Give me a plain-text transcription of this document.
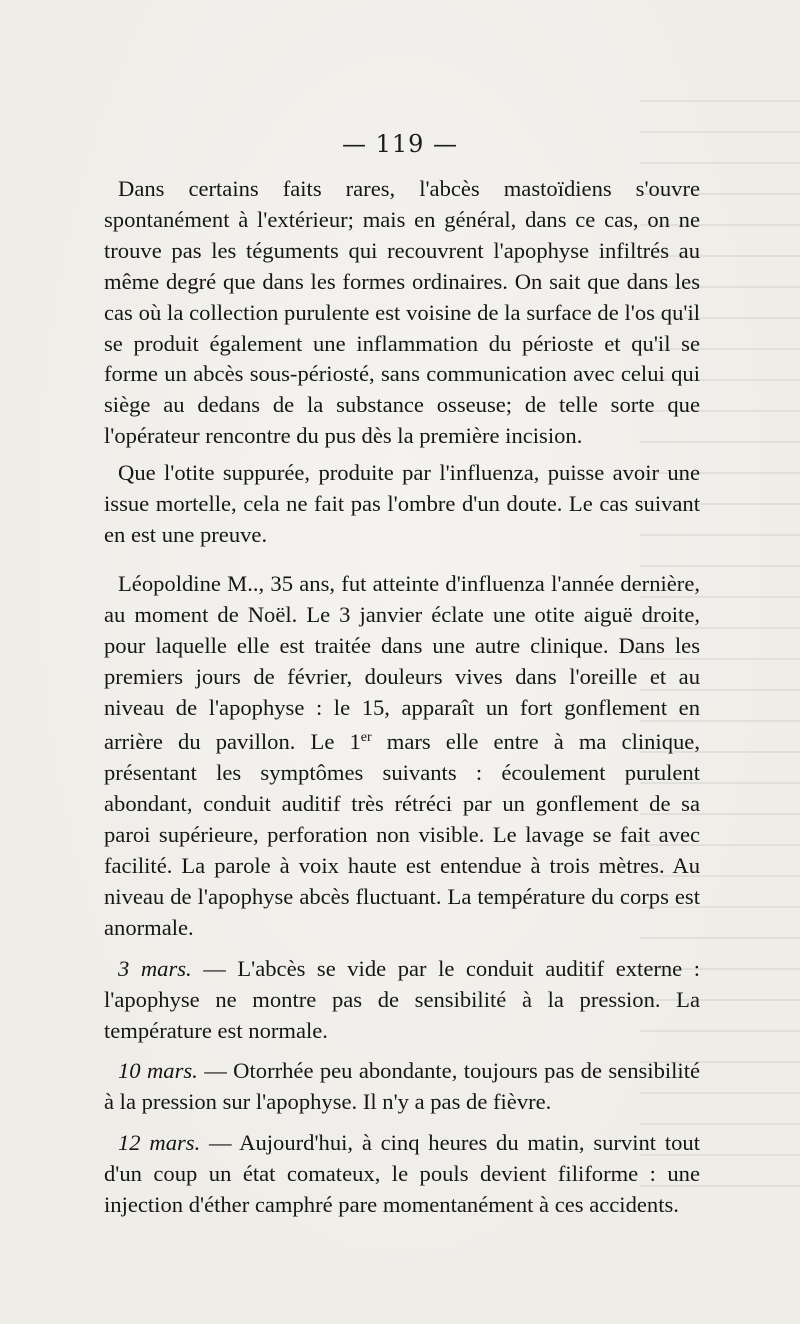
— 119 —

Dans certains faits rares, l'abcès mastoïdiens s'ouvre spontanément à l'extérieur; mais en général, dans ce cas, on ne trouve pas les téguments qui recouvrent l'apophyse infiltrés au même degré que dans les formes ordinaires. On sait que dans les cas où la collection purulente est voisine de la surface de l'os qu'il se produit également une inflammation du périoste et qu'il se forme un abcès sous-périosté, sans communication avec celui qui siège au dedans de la substance osseuse; de telle sorte que l'opérateur rencontre du pus dès la première incision.

Que l'otite suppurée, produite par l'influenza, puisse avoir une issue mortelle, cela ne fait pas l'ombre d'un doute. Le cas suivant en est une preuve.

Léopoldine M.., 35 ans, fut atteinte d'influenza l'année dernière, au moment de Noël. Le 3 janvier éclate une otite aiguë droite, pour laquelle elle est traitée dans une autre clinique. Dans les premiers jours de février, douleurs vives dans l'oreille et au niveau de l'apophyse : le 15, apparaît un fort gonflement en arrière du pavillon. Le 1er mars elle entre à ma clinique, présentant les symptômes suivants : écoulement purulent abondant, conduit auditif très rétréci par un gonflement de sa paroi supérieure, perforation non visible. Le lavage se fait avec facilité. La parole à voix haute est entendue à trois mètres. Au niveau de l'apophyse abcès fluctuant. La température du corps est anormale.

3 mars. — L'abcès se vide par le conduit auditif externe : l'apophyse ne montre pas de sensibilité à la pression. La température est normale.

10 mars. — Otorrhée peu abondante, toujours pas de sensibilité à la pression sur l'apophyse. Il n'y a pas de fièvre.

12 mars. — Aujourd'hui, à cinq heures du matin, survint tout d'un coup un état comateux, le pouls devient filiforme : une injection d'éther camphré pare momentanément à ces accidents.
